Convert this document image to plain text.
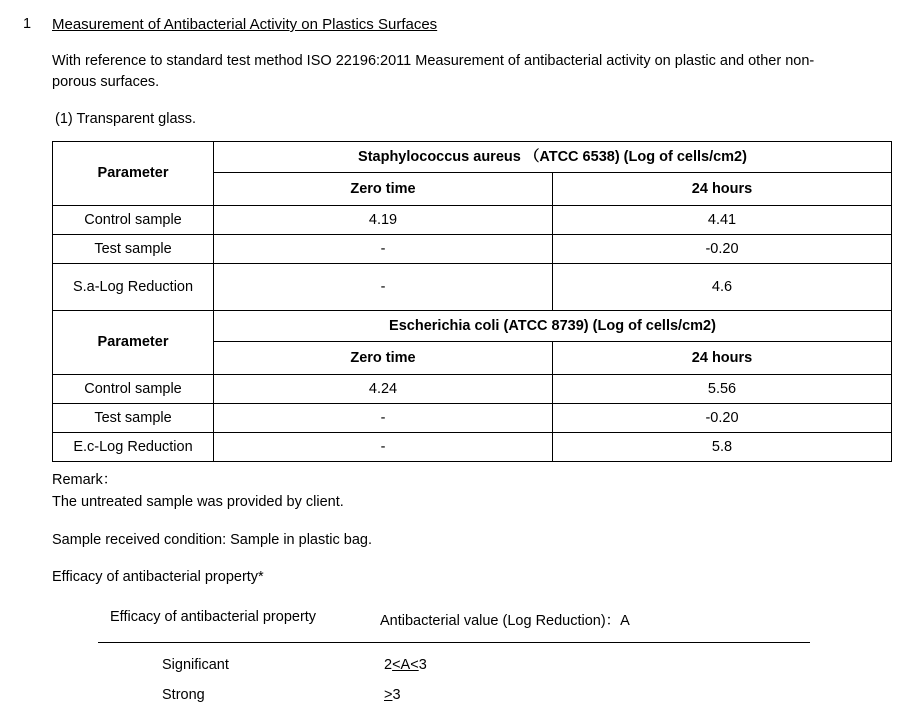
1	Measurement of Antibacterial Activity on Plastics Surfaces
With reference to standard test method ISO 22196:2011 Measurement of antibacterial activity on plastic and other non-porous surfaces.
(1) Transparent glass.
Parameter	Staphylococcus aureus （ATCC 6538) (Log of cells/cm2)	
	Zero time	24 hours
Control sample	4.19	4.41
Test sample	-	-0.20
S.a-Log Reduction	-	4.6
Parameter	Escherichia coli (ATCC 8739) (Log of cells/cm2)	
	Zero time	24 hours
Control sample	4.24	5.56
Test sample	-	-0.20
E.c-Log Reduction	-	5.8
Remark：
The untreated sample was provided by client.
Sample received condition: Sample in plastic bag.
Efficacy of antibacterial property*
Efficacy of antibacterial property	Antibacterial value (Log Reduction)：A
Significant	2<A<3
Strong	>3
